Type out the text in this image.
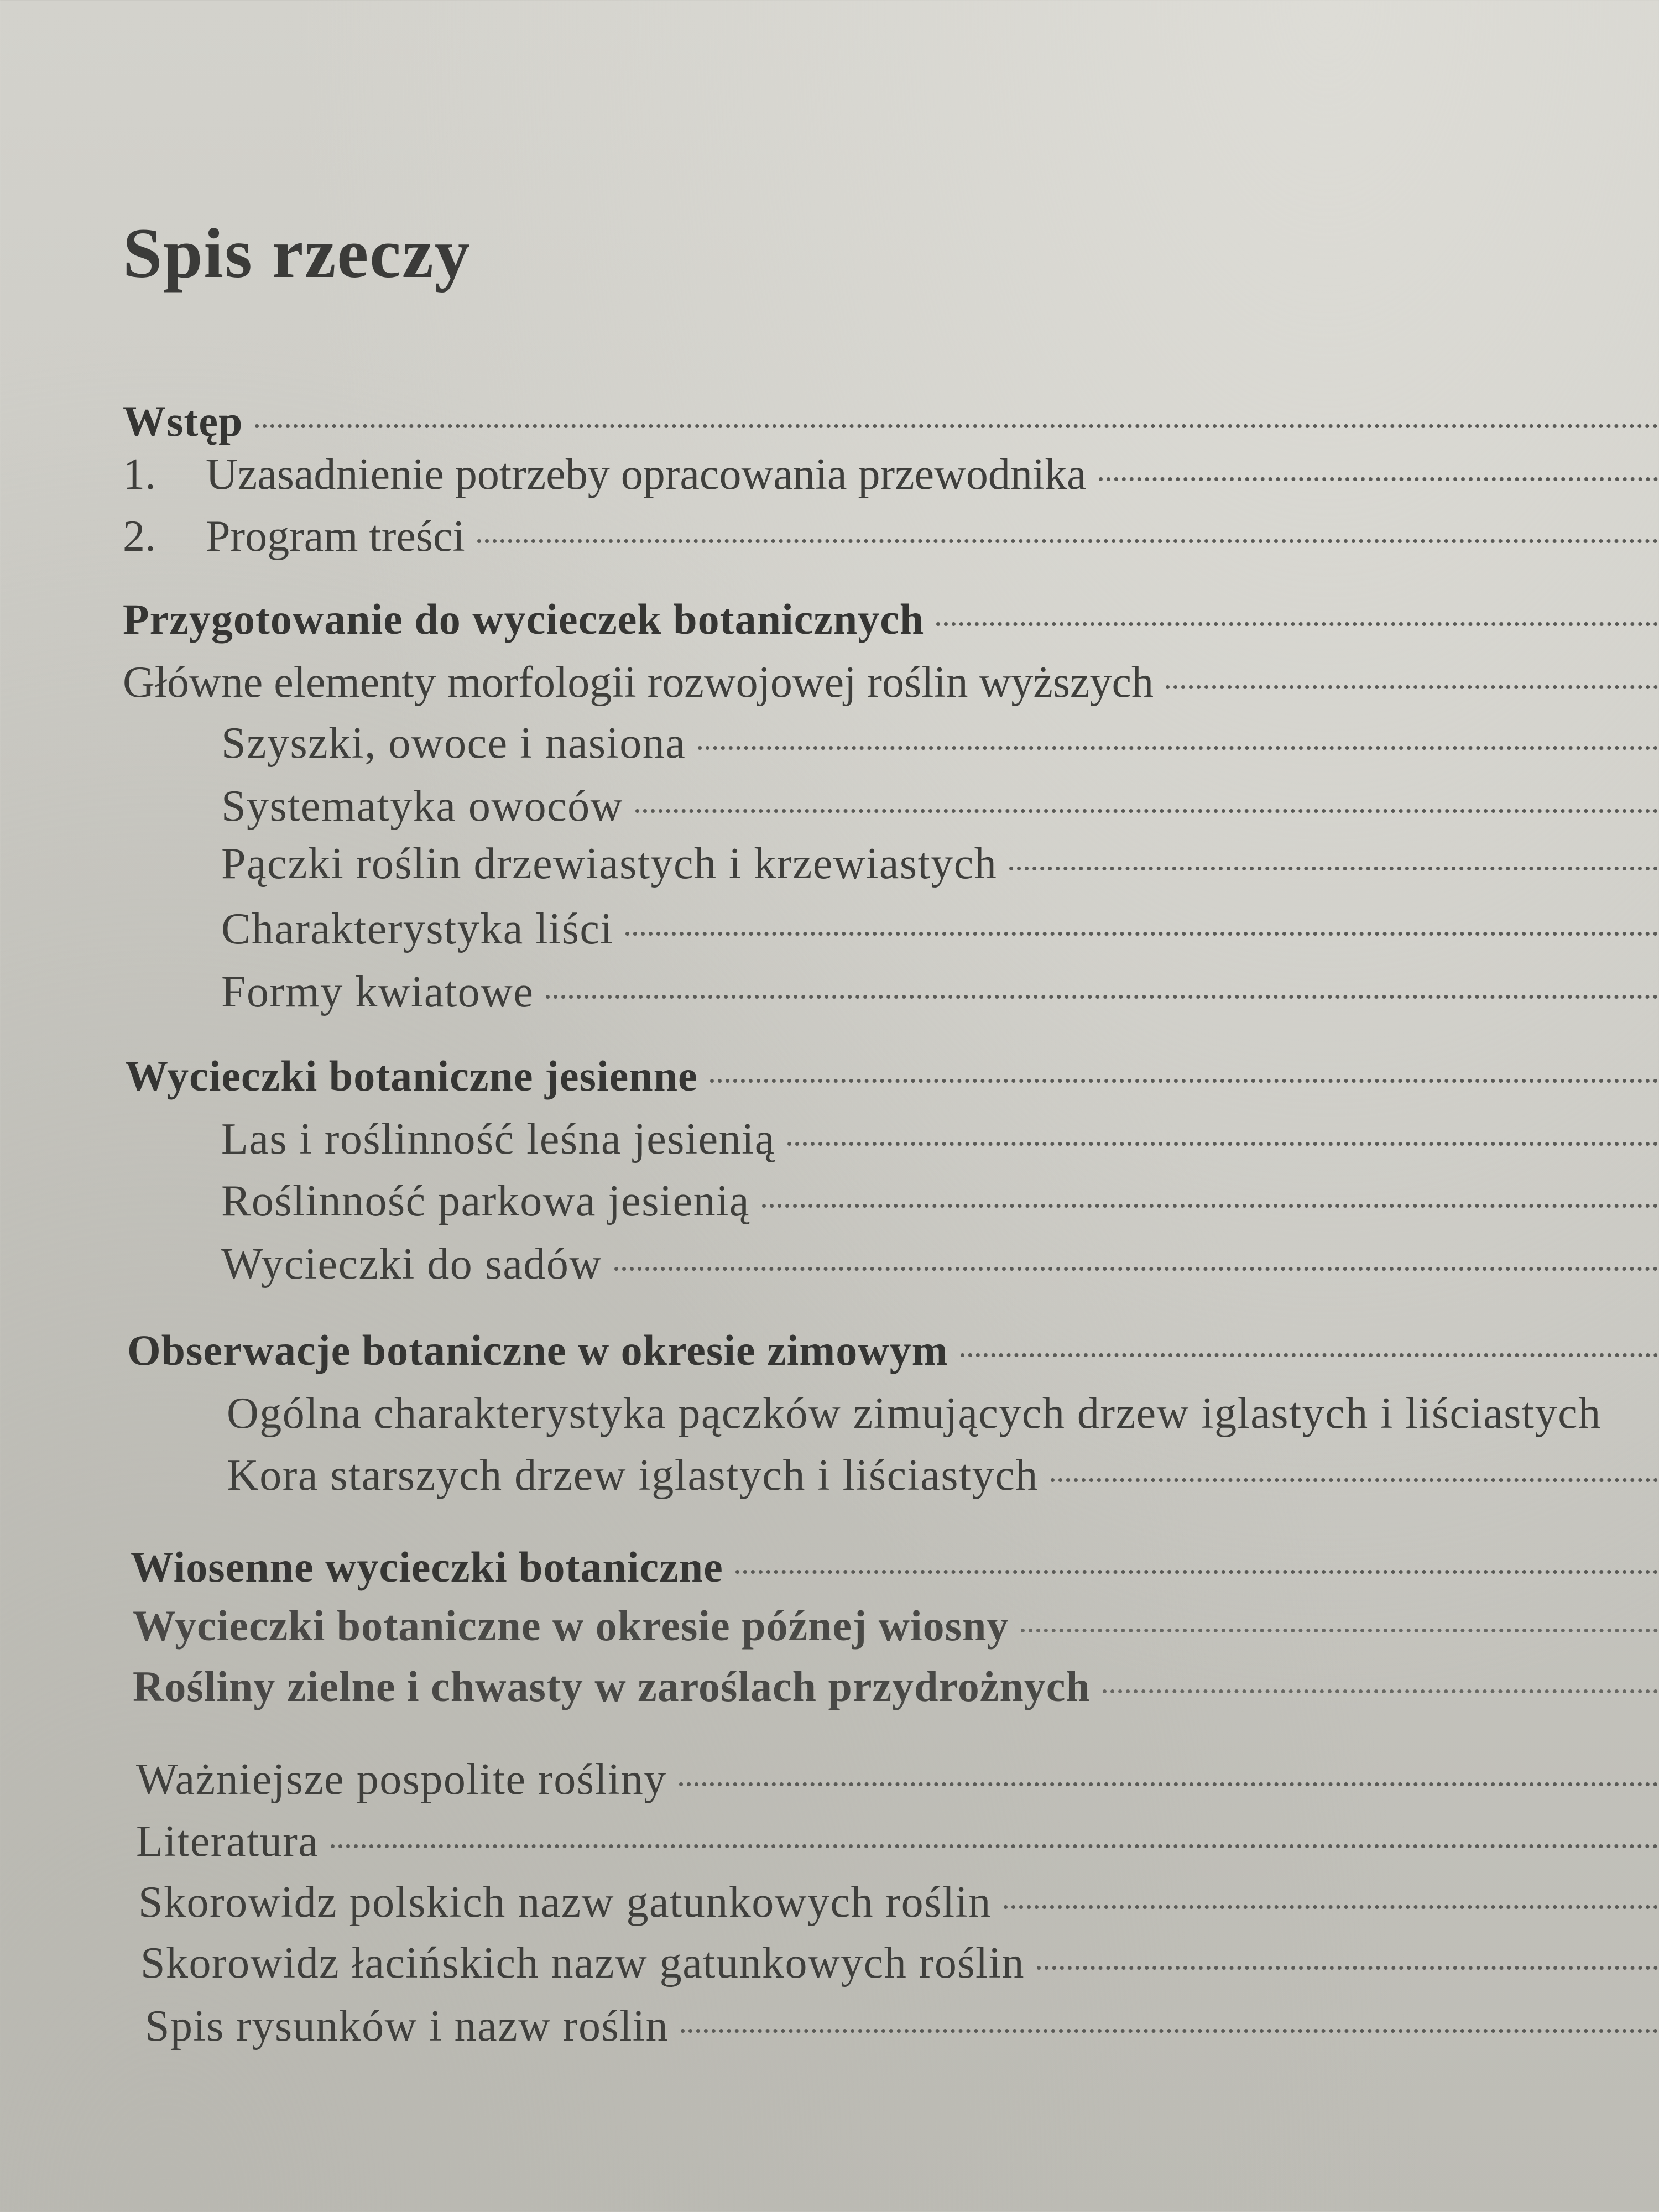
Spis rzeczy
Wstęp
1.	Uzasadnienie potrzeby opracowania przewodnika
2.	Program treści
Przygotowanie do wycieczek botanicznych
Główne elementy morfologii rozwojowej roślin wyższych
Szyszki, owoce i nasiona
Systematyka owoców
Pączki roślin drzewiastych i krzewiastych
Charakterystyka liści
Formy kwiatowe
Wycieczki botaniczne jesienne
Las i roślinność leśna jesienią
Roślinność parkowa jesienią
Wycieczki do sadów
Obserwacje botaniczne w okresie zimowym
Ogólna charakterystyka pączków zimujących drzew iglastych i liściastych
Kora starszych drzew iglastych i liściastych
Wiosenne wycieczki botaniczne
Wycieczki botaniczne w okresie późnej wiosny
Rośliny zielne i chwasty w zaroślach przydrożnych
Ważniejsze pospolite rośliny
Literatura
Skorowidz polskich nazw gatunkowych roślin
Skorowidz łacińskich nazw gatunkowych roślin
Spis rysunków i nazw roślin
